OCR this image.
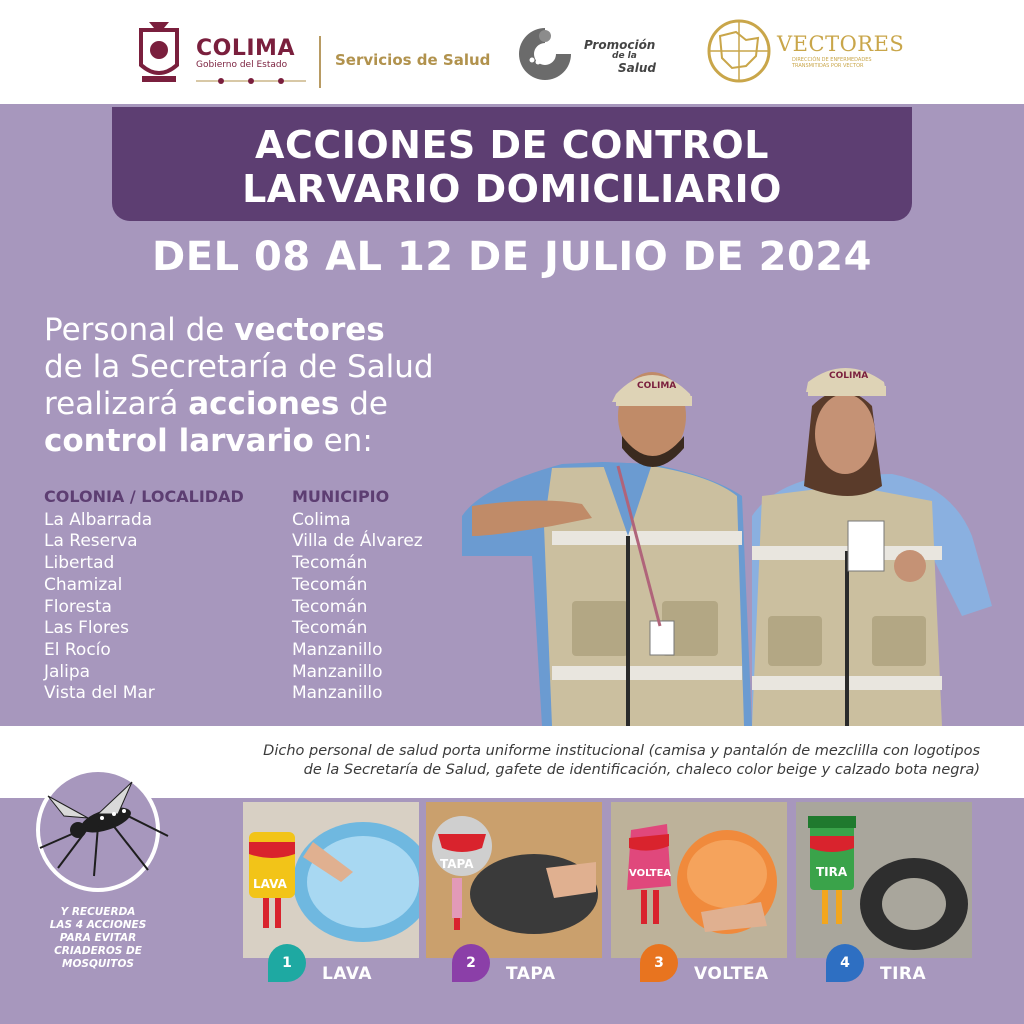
COLIMA
Gobierno del Estado	Servicios de Salud
Promoción
de la
Salud
VECTORES
DIRECCIÓN DE ENFERMEDADES TRANSMITIDAS POR VECTOR
ACCIONES DE CONTROL
LARVARIO DOMICILIARIO
DEL 08 AL 12 DE JULIO DE 2024
Personal de vectores
de la Secretaría de Salud
realizará acciones de
control larvario en:
COLONIA / LOCALIDAD
La Albarrada
La Reserva
Libertad
Chamizal
Floresta
Las Flores
El Rocío
Jalipa
Vista del Mar
MUNICIPIO
Colima
Villa de Álvarez
Tecomán
Tecomán
Tecomán
Tecomán
Manzanillo
Manzanillo
Manzanillo
COLIMA
COLIMA
Dicho personal de salud porta uniforme institucional (camisa y pantalón de mezclilla con logotipos
de la Secretaría de Salud, gafete de identificación, chaleco color beige y calzado bota negra)
Y RECUERDA
LAS 4 ACCIONES
PARA EVITAR
CRIADEROS DE
MOSQUITOS
LAVA
TAPA
VOLTEA	TIRA
1
LAVA
2
TAPA
3
VOLTEA
4
TIRA
